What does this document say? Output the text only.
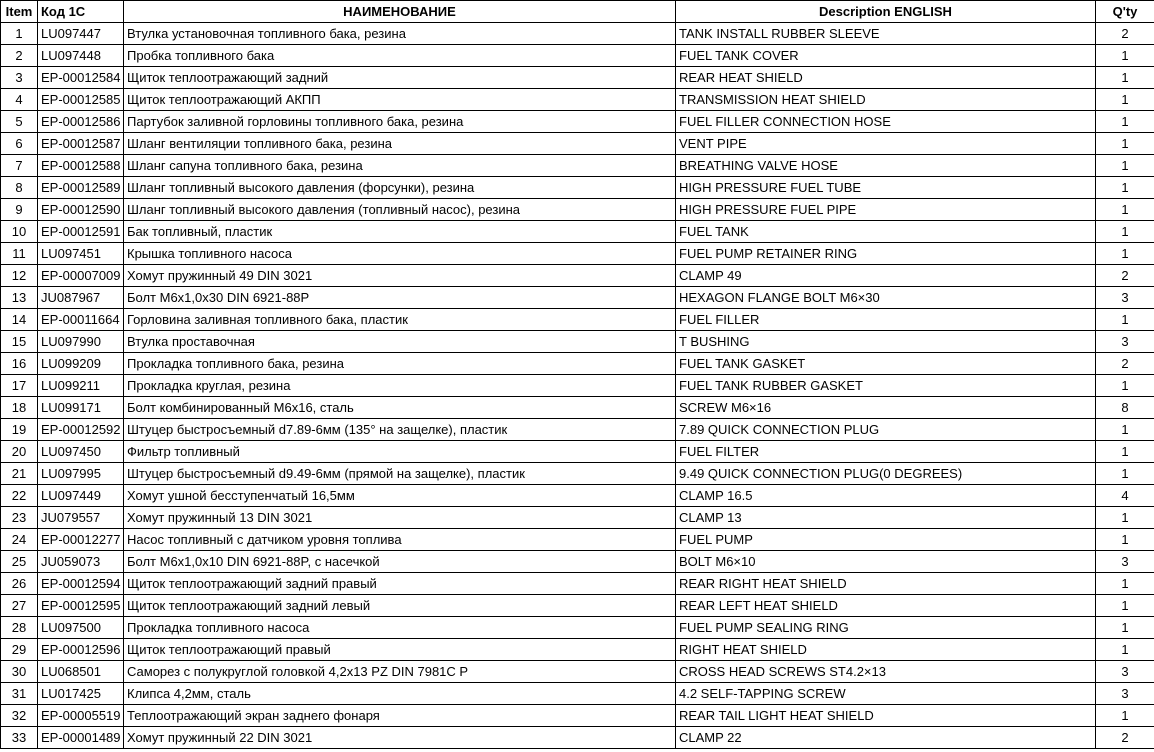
Item	Код 1С	НАИМЕНОВАНИЕ	Description ENGLISH	Q'ty
1	LU097447	Втулка установочная топливного бака, резина	TANK INSTALL RUBBER SLEEVE	2
2	LU097448	Пробка топливного бака	FUEL TANK COVER	1
3	EP-00012584	Щиток теплоотражающий задний	REAR HEAT SHIELD	1
4	EP-00012585	Щиток теплоотражающий АКПП	TRANSMISSION HEAT SHIELD	1
5	EP-00012586	Партубок заливной горловины топливного бака, резина	FUEL FILLER CONNECTION HOSE	1
6	EP-00012587	Шланг вентиляции топливного бака, резина	VENT PIPE	1
7	EP-00012588	Шланг сапуна топливного бака, резина	BREATHING VALVE HOSE	1
8	EP-00012589	Шланг топливный высокого давления (форсунки), резина	HIGH PRESSURE FUEL TUBE	1
9	EP-00012590	Шланг топливный высокого давления (топливный насос), резина	HIGH PRESSURE FUEL PIPE	1
10	EP-00012591	Бак топливный, пластик	FUEL TANK	1
11	LU097451	Крышка топливного насоса	FUEL PUMP RETAINER RING	1
12	EP-00007009	Хомут пружинный 49 DIN 3021	CLAMP 49	2
13	JU087967	Болт М6х1,0х30 DIN 6921-88P	HEXAGON FLANGE BOLT M6×30	3
14	EP-00011664	Горловина заливная топливного бака, пластик	FUEL FILLER	1
15	LU097990	Втулка проставочная	T BUSHING	3
16	LU099209	Прокладка топливного бака, резина	FUEL TANK GASKET	2
17	LU099211	Прокладка круглая, резина	FUEL TANK RUBBER GASKET	1
18	LU099171	Болт комбинированный М6х16, сталь	SCREW M6×16	8
19	EP-00012592	Штуцер быстросъемный d7.89-6мм (135° на защелке), пластик	7.89 QUICK CONNECTION PLUG	1
20	LU097450	Фильтр топливный	FUEL FILTER	1
21	LU097995	Штуцер быстросъемный d9.49-6мм (прямой на защелке), пластик	9.49 QUICK CONNECTION PLUG(0 DEGREES)	1
22	LU097449	Хомут ушной бесступенчатый 16,5мм	CLAMP 16.5	4
23	JU079557	Хомут пружинный 13 DIN 3021	CLAMP 13	1
24	EP-00012277	Насос топливный с датчиком уровня топлива	FUEL PUMP	1
25	JU059073	Болт М6х1,0х10 DIN 6921-88P, с насечкой	BOLT M6×10	3
26	EP-00012594	Щиток теплоотражающий задний правый	REAR RIGHT HEAT SHIELD	1
27	EP-00012595	Щиток теплоотражающий задний левый	REAR LEFT HEAT SHIELD	1
28	LU097500	Прокладка топливного насоса	FUEL PUMP SEALING RING	1
29	EP-00012596	Щиток теплоотражающий правый	RIGHT HEAT SHIELD	1
30	LU068501	Саморез с полукруглой головкой 4,2х13 PZ DIN 7981C P	CROSS HEAD SCREWS ST4.2×13	3
31	LU017425	Клипса 4,2мм, сталь	4.2 SELF-TAPPING SCREW	3
32	EP-00005519	Теплоотражающий экран заднего фонаря	REAR TAIL LIGHT HEAT SHIELD	1
33	EP-00001489	Хомут пружинный 22 DIN 3021	CLAMP 22	2
